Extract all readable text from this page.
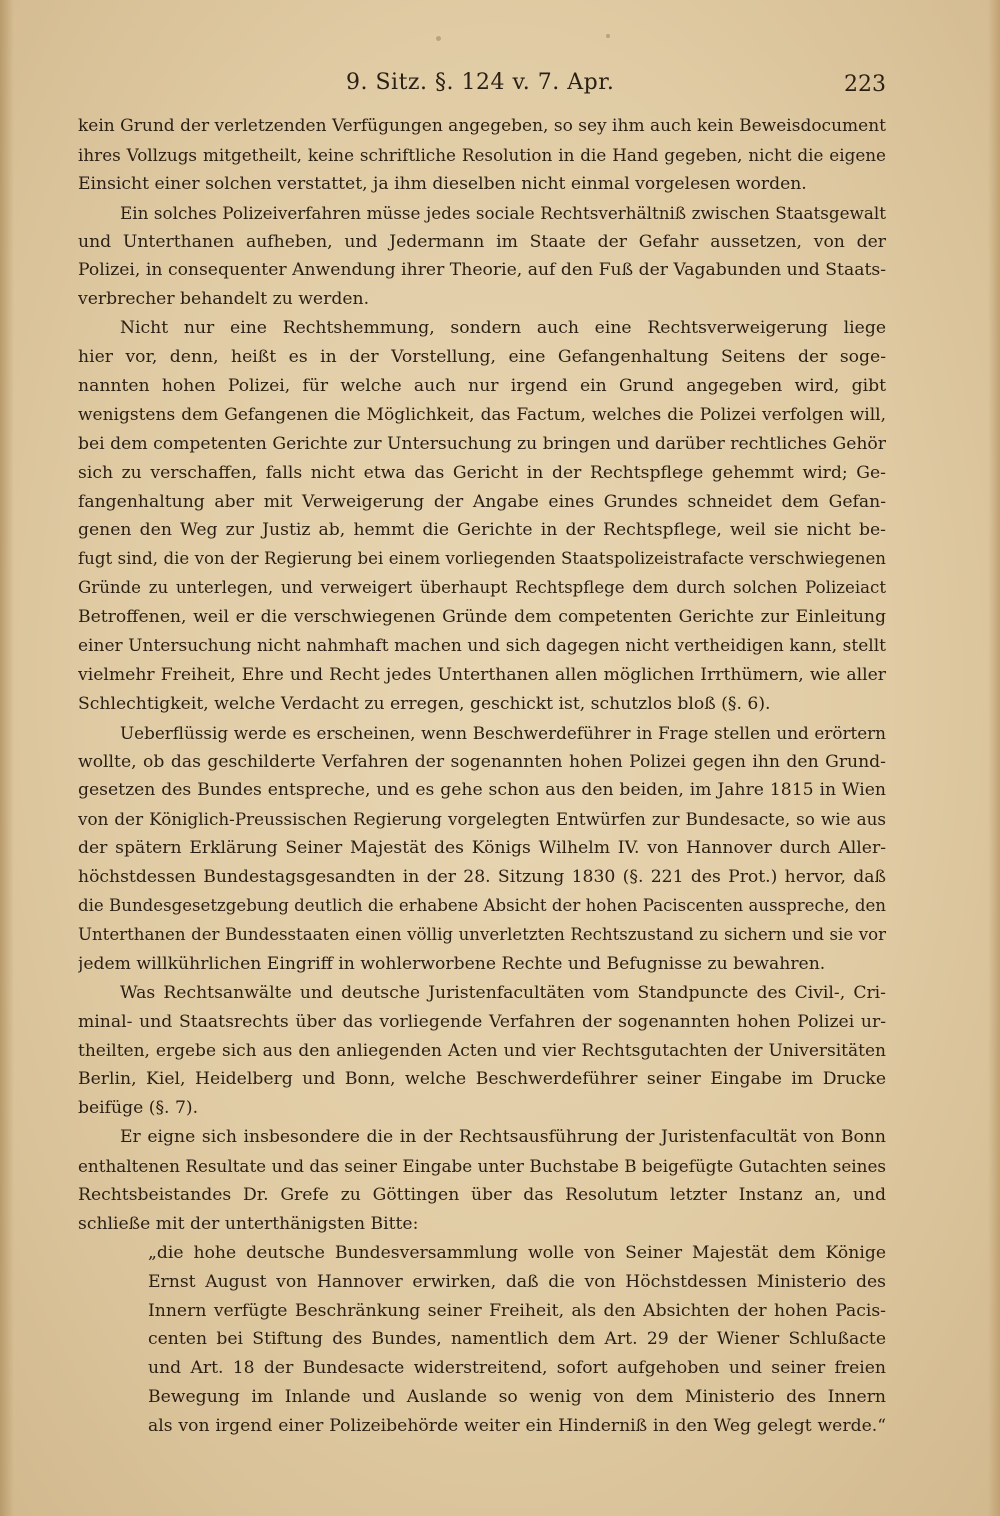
9. Sitz. §. 124 v. 7. Apr.	223
kein Grund der verletzenden Verfügungen angegeben, so sey ihm auch kein Beweisdocument
ihres Vollzugs mitgetheilt, keine schriftliche Resolution in die Hand gegeben, nicht die eigene
Einsicht einer solchen verstattet, ja ihm dieselben nicht einmal vorgelesen worden.
Ein solches Polizeiverfahren müsse jedes sociale Rechtsverhältniß zwischen Staatsgewalt
und Unterthanen aufheben, und Jedermann im Staate der Gefahr aussetzen, von der
Polizei, in consequenter Anwendung ihrer Theorie, auf den Fuß der Vagabunden und Staats-
verbrecher behandelt zu werden.
Nicht nur eine Rechtshemmung, sondern auch eine Rechtsverweigerung liege
hier vor, denn, heißt es in der Vorstellung, eine Gefangenhaltung Seitens der soge-
nannten hohen Polizei, für welche auch nur irgend ein Grund angegeben wird, gibt
wenigstens dem Gefangenen die Möglichkeit, das Factum, welches die Polizei verfolgen will,
bei dem competenten Gerichte zur Untersuchung zu bringen und darüber rechtliches Gehör
sich zu verschaffen, falls nicht etwa das Gericht in der Rechtspflege gehemmt wird; Ge-
fangenhaltung aber mit Verweigerung der Angabe eines Grundes schneidet dem Gefan-
genen den Weg zur Justiz ab, hemmt die Gerichte in der Rechtspflege, weil sie nicht be-
fugt sind, die von der Regierung bei einem vorliegenden Staatspolizeistrafacte verschwiegenen
Gründe zu unterlegen, und verweigert überhaupt Rechtspflege dem durch solchen Polizeiact
Betroffenen, weil er die verschwiegenen Gründe dem competenten Gerichte zur Einleitung
einer Untersuchung nicht nahmhaft machen und sich dagegen nicht vertheidigen kann, stellt
vielmehr Freiheit, Ehre und Recht jedes Unterthanen allen möglichen Irrthümern, wie aller
Schlechtigkeit, welche Verdacht zu erregen, geschickt ist, schutzlos bloß (§. 6).
Ueberflüssig werde es erscheinen, wenn Beschwerdeführer in Frage stellen und erörtern
wollte, ob das geschilderte Verfahren der sogenannten hohen Polizei gegen ihn den Grund-
gesetzen des Bundes entspreche, und es gehe schon aus den beiden, im Jahre 1815 in Wien
von der Königlich-Preussischen Regierung vorgelegten Entwürfen zur Bundesacte, so wie aus
der spätern Erklärung Seiner Majestät des Königs Wilhelm IV. von Hannover durch Aller-
höchstdessen Bundestagsgesandten in der 28. Sitzung 1830 (§. 221 des Prot.) hervor, daß
die Bundesgesetzgebung deutlich die erhabene Absicht der hohen Paciscenten ausspreche, den
Unterthanen der Bundesstaaten einen völlig unverletzten Rechtszustand zu sichern und sie vor
jedem willkührlichen Eingriff in wohlerworbene Rechte und Befugnisse zu bewahren.
Was Rechtsanwälte und deutsche Juristenfacultäten vom Standpuncte des Civil-, Cri-
minal- und Staatsrechts über das vorliegende Verfahren der sogenannten hohen Polizei ur-
theilten, ergebe sich aus den anliegenden Acten und vier Rechtsgutachten der Universitäten
Berlin, Kiel, Heidelberg und Bonn, welche Beschwerdeführer seiner Eingabe im Drucke
beifüge (§. 7).
Er eigne sich insbesondere die in der Rechtsausführung der Juristenfacultät von Bonn
enthaltenen Resultate und das seiner Eingabe unter Buchstabe B beigefügte Gutachten seines
Rechtsbeistandes Dr. Grefe zu Göttingen über das Resolutum letzter Instanz an, und
schließe mit der unterthänigsten Bitte:
„die hohe deutsche Bundesversammlung wolle von Seiner Majestät dem Könige
Ernst August von Hannover erwirken, daß die von Höchstdessen Ministerio des
Innern verfügte Beschränkung seiner Freiheit, als den Absichten der hohen Pacis-
centen bei Stiftung des Bundes, namentlich dem Art. 29 der Wiener Schlußacte
und Art. 18 der Bundesacte widerstreitend, sofort aufgehoben und seiner freien
Bewegung im Inlande und Auslande so wenig von dem Ministerio des Innern
als von irgend einer Polizeibehörde weiter ein Hinderniß in den Weg gelegt werde.“
